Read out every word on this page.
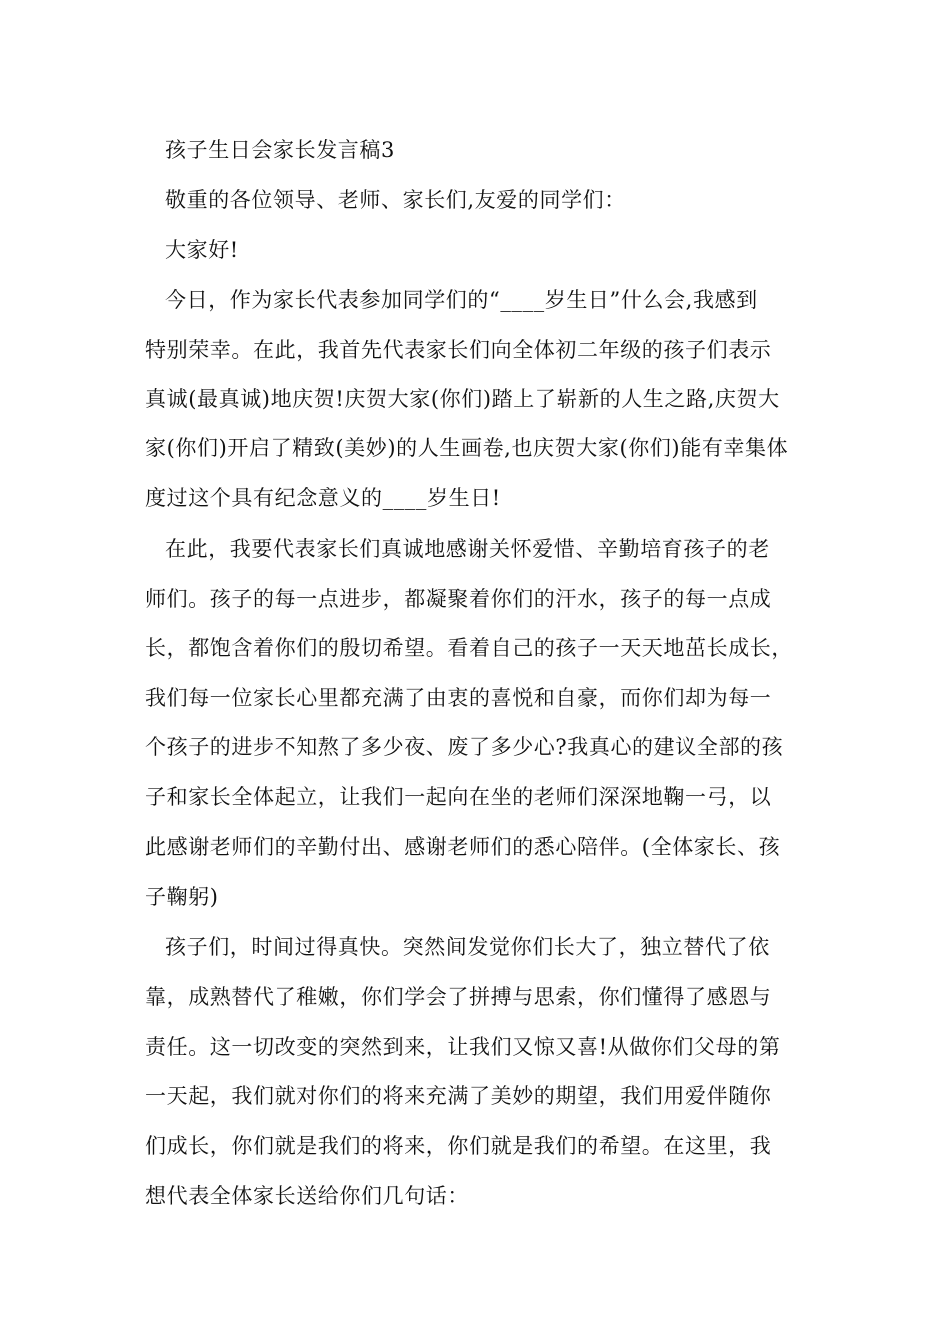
孩子生日会家长发言稿3
敬重的各位领导、老师、家长们,友爱的同学们：
大家好!
今日，作为家长代表参加同学们的“____岁生日”什么会,我感到
特别荣幸。在此，我首先代表家长们向全体初二年级的孩子们表示
真诚(最真诚)地庆贺!庆贺大家(你们)踏上了崭新的人生之路,庆贺大
家(你们)开启了精致(美妙)的人生画卷,也庆贺大家(你们)能有幸集体
度过这个具有纪念意义的____岁生日!
在此，我要代表家长们真诚地感谢关怀爱惜、辛勤培育孩子的老
师们。孩子的每一点进步，都凝聚着你们的汗水，孩子的每一点成
长，都饱含着你们的殷切希望。看着自己的孩子一天天地茁长成长，
我们每一位家长心里都充满了由衷的喜悦和自豪，而你们却为每一
个孩子的进步不知熬了多少夜、废了多少心?我真心的建议全部的孩
子和家长全体起立，让我们一起向在坐的老师们深深地鞠一弓，以
此感谢老师们的辛勤付出、感谢老师们的悉心陪伴。(全体家长、孩
子鞠躬)
孩子们，时间过得真快。突然间发觉你们长大了，独立替代了依
靠，成熟替代了稚嫩，你们学会了拼搏与思索，你们懂得了感恩与
责任。这一切改变的突然到来，让我们又惊又喜!从做你们父母的第
一天起，我们就对你们的将来充满了美妙的期望，我们用爱伴随你
们成长，你们就是我们的将来，你们就是我们的希望。在这里，我
想代表全体家长送给你们几句话：
